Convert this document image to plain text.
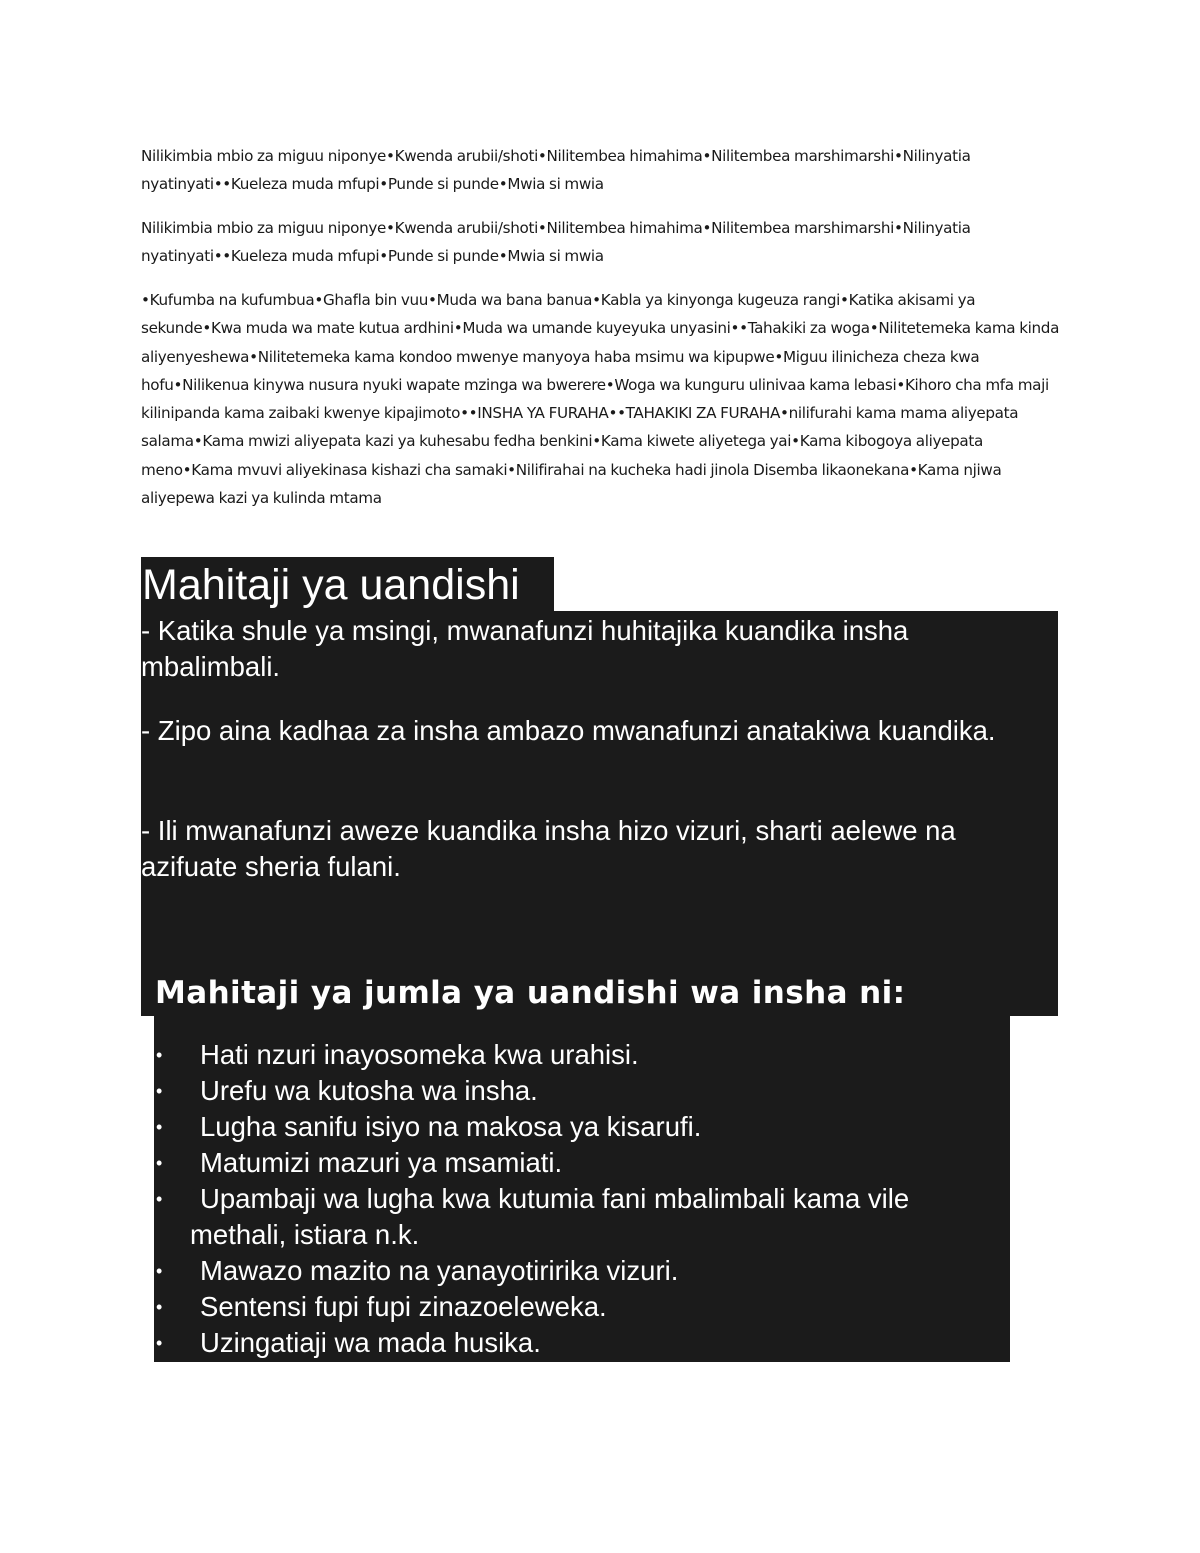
Nilikimbia mbio za miguu niponye•Kwenda arubii/shoti•Nilitembea himahima•Nilitembea marshimarshi•Nilinyatia nyatinyati••Kueleza muda mfupi•Punde si punde•Mwia si mwia

Nilikimbia mbio za miguu niponye•Kwenda arubii/shoti•Nilitembea himahima•Nilitembea marshimarshi•Nilinyatia nyatinyati••Kueleza muda mfupi•Punde si punde•Mwia si mwia

•Kufumba na kufumbua•Ghafla bin vuu•Muda wa bana banua•Kabla ya kinyonga kugeuza rangi•Katika akisami ya sekunde•Kwa muda wa mate kutua ardhini•Muda wa umande kuyeyuka unyasini••Tahakiki za woga•Nilitetemeka kama kinda aliyenyeshewa•Nilitetemeka kama kondoo mwenye manyoya haba msimu wa kipupwe•Miguu ilinicheza cheza kwa hofu•Nilikenua kinywa nusura nyuki wapate mzinga wa bwerere•Woga wa kunguru ulinivaa kama lebasi•Kihoro cha mfa maji kilinipanda kama zaibaki kwenye kipajimoto••INSHA YA FURAHA••TAHAKIKI ZA FURAHA•nilifurahi kama mama aliyepata salama•Kama mwizi aliyepata kazi ya kuhesabu fedha benkini•Kama kiwete aliyetega yai•Kama kibogoya aliyepata meno•Kama mvuvi aliyekinasa kishazi cha samaki•Nilifirahai na kucheka hadi jinola Disemba likaonekana•Kama njiwa aliyepewa kazi ya kulinda mtama

Mahitaji ya uandishi

- Katika shule ya msingi, mwanafunzi huhitajika kuandika insha mbalimbali.

- Zipo aina kadhaa za insha ambazo mwanafunzi anatakiwa kuandika.

- Ili mwanafunzi aweze kuandika insha hizo vizuri, sharti aelewe na azifuate sheria fulani.

Mahitaji ya jumla ya uandishi wa insha ni:
• Hati nzuri inayosomeka kwa urahisi.
• Urefu wa kutosha wa insha.
• Lugha sanifu isiyo na makosa ya kisarufi.
• Matumizi mazuri ya msamiati.
• Upambaji wa lugha kwa kutumia fani mbalimbali kama vile
methali, istiara n.k.
• Mawazo mazito na yanayotiririka vizuri.
• Sentensi fupi fupi zinazoeleweka.
• Uzingatiaji wa mada husika.
